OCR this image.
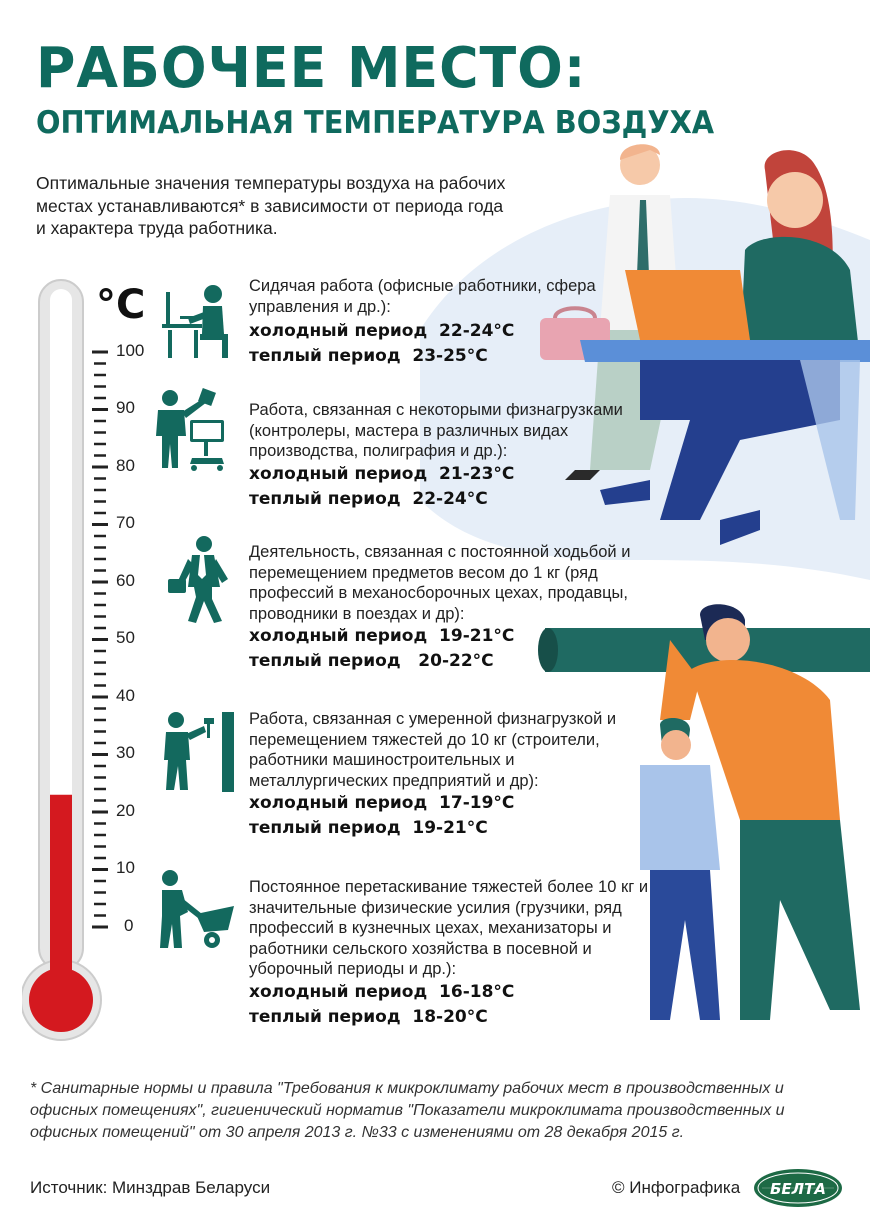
РАБОЧЕЕ МЕСТО:
ОПТИМАЛЬНАЯ ТЕМПЕРАТУРА ВОЗДУХА
Оптимальные значения температуры воздуха на рабочих местах устанавливаются* в зависимости от периода года и характера труда работника.
°C
100
90
80
70
60
50
40
30
20
10
0
Сидячая работа (офисные работники, сфера управления и др.):
холодный период  22-24°C
теплый период  23-25°C
Работа, связанная с некоторыми физнагрузками (контролеры, мастера в различных видах производства, полиграфия и др.):
холодный период  21-23°C
теплый период  22-24°C
Деятельность, связанная с постоянной ходьбой и перемещением предметов весом до 1 кг (ряд профессий в механосборочных цехах, продавцы, проводники в поездах и др):
холодный период  19-21°C
теплый период   20-22°C
Работа, связанная с умеренной физнагрузкой и перемещением тяжестей до 10 кг (строители, работники машиностроительных и металлургических предприятий и др):
холодный период  17-19°C
теплый период  19-21°C
Постоянное перетаскивание тяжестей более 10 кг и значительные физические усилия (грузчики, ряд профессий в кузнечных цехах, механизаторы и работники сельского хозяйства в посевной и уборочный периоды и др.):
холодный период  16-18°C
теплый период  18-20°C
* Санитарные нормы и правила "Требования к микроклимату рабочих мест в производственных и офисных помещениях", гигиенический норматив "Показатели микроклимата производственных и офисных помещений" от 30 апреля 2013 г. №33 с изменениями от 28 декабря 2015 г.
Источник: Минздрав Беларуси	© Инфографика БЕЛТА
